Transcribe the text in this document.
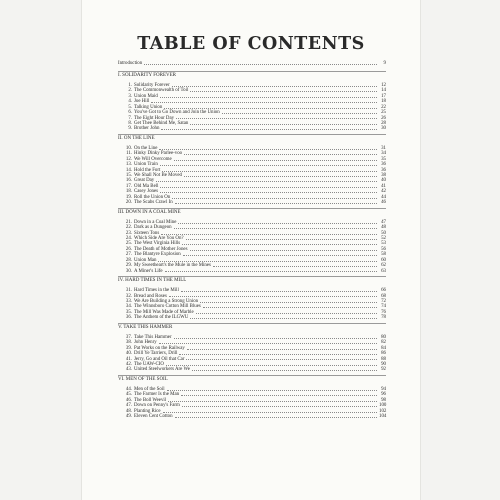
TABLE OF CONTENTS
Introduction	9
I. SOLIDARITY FOREVER
1. Solidarity Forever	12
2. The Commonwealth of Toil	14
3. Union Maid	17
4. Joe Hill	18
5. Talking Union	22
6. You've Got to Go Down and Join the Union	25
7. The Eight Hour Day	26
8. Get Thee Behind Me, Satan	28
9. Brother John	30
II. ON THE LINE
10. On the Line	31
11. Hinky Dinky Parlee-voo	34
12. We Will Overcome	35
13. Union Train	36
14. Hold the Fort	36
15. We Shall Not Be Moved	38
16. Great Day	40
17. Old Ma Bell	41
18. Casey Jones	42
19. Roll the Union On	44
20. The Scabs Crawl In	46
III. DOWN IN A COAL MINE
21. Down in a Coal Mine	47
22. Dark as a Dungeon	48
23. Sixteen Tons	50
24. Which Side Are You On?	52
25. The West Virginia Hills	53
26. The Death of Mother Jones	56
27. The Blantyre Explosion	58
28. Union Man	60
29. My Sweetheart's the Mule in the Mines	62
30. A Miner's Life	63
IV. HARD TIMES IN THE MILL
31. Hard Times in the Mill	66
32. Bread and Roses	68
33. We Are Building a Strong Union	72
34. The Winnsboro Cotton Mill Blues	74
35. The Mill Was Made of Marble	76
36. The Anthem of the ILGWU	78
V. TAKE THIS HAMMER
37. Take This Hammer	80
38. John Henry	82
39. Pat Works on the Railway	84
40. Drill Ye Tarriers, Drill	86
41. Jerry, Go and Oil that Car	88
42. The UAW-CIO	90
43. United Steelworkers Are We	92
VI. MEN OF THE SOIL
44. Men of the Soil	94
45. The Farmer Is the Man	96
46. The Boll Weevil	98
47. Down on Penny's Farm	100
48. Planting Rice	102
49. Eleven Cent Cotton	104
